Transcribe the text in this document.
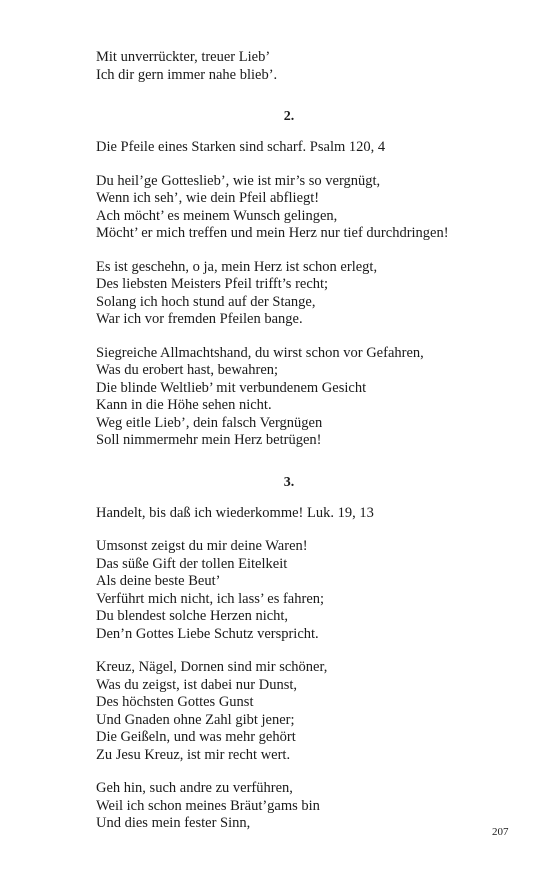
Mit unverrückter, treuer Lieb’
Ich dir gern immer nahe blieb’.
2.
Die Pfeile eines Starken sind scharf. Psalm 120, 4
Du heil’ge Gotteslieb’, wie ist mir’s so vergnügt,
Wenn ich seh’, wie dein Pfeil abfliegt!
Ach möcht’ es meinem Wunsch gelingen,
Möcht’ er mich treffen und mein Herz nur tief durchdringen!
Es ist geschehn, o ja, mein Herz ist schon erlegt,
Des liebsten Meisters Pfeil trifft’s recht;
Solang ich hoch stund auf der Stange,
War ich vor fremden Pfeilen bange.
Siegreiche Allmachtshand, du wirst schon vor Gefahren,
Was du erobert hast, bewahren;
Die blinde Weltlieb’ mit verbundenem Gesicht
Kann in die Höhe sehen nicht.
Weg eitle Lieb’, dein falsch Vergnügen
Soll nimmermehr mein Herz betrügen!
3.
Handelt, bis daß ich wiederkomme! Luk. 19, 13
Umsonst zeigst du mir deine Waren!
Das süße Gift der tollen Eitelkeit
Als deine beste Beut’
Verführt mich nicht, ich lass’ es fahren;
Du blendest solche Herzen nicht,
Den’n Gottes Liebe Schutz verspricht.
Kreuz, Nägel, Dornen sind mir schöner,
Was du zeigst, ist dabei nur Dunst,
Des höchsten Gottes Gunst
Und Gnaden ohne Zahl gibt jener;
Die Geißeln, und was mehr gehört
Zu Jesu Kreuz, ist mir recht wert.
Geh hin, such andre zu verführen,
Weil ich schon meines Bräut’gams bin
Und dies mein fester Sinn,
207
